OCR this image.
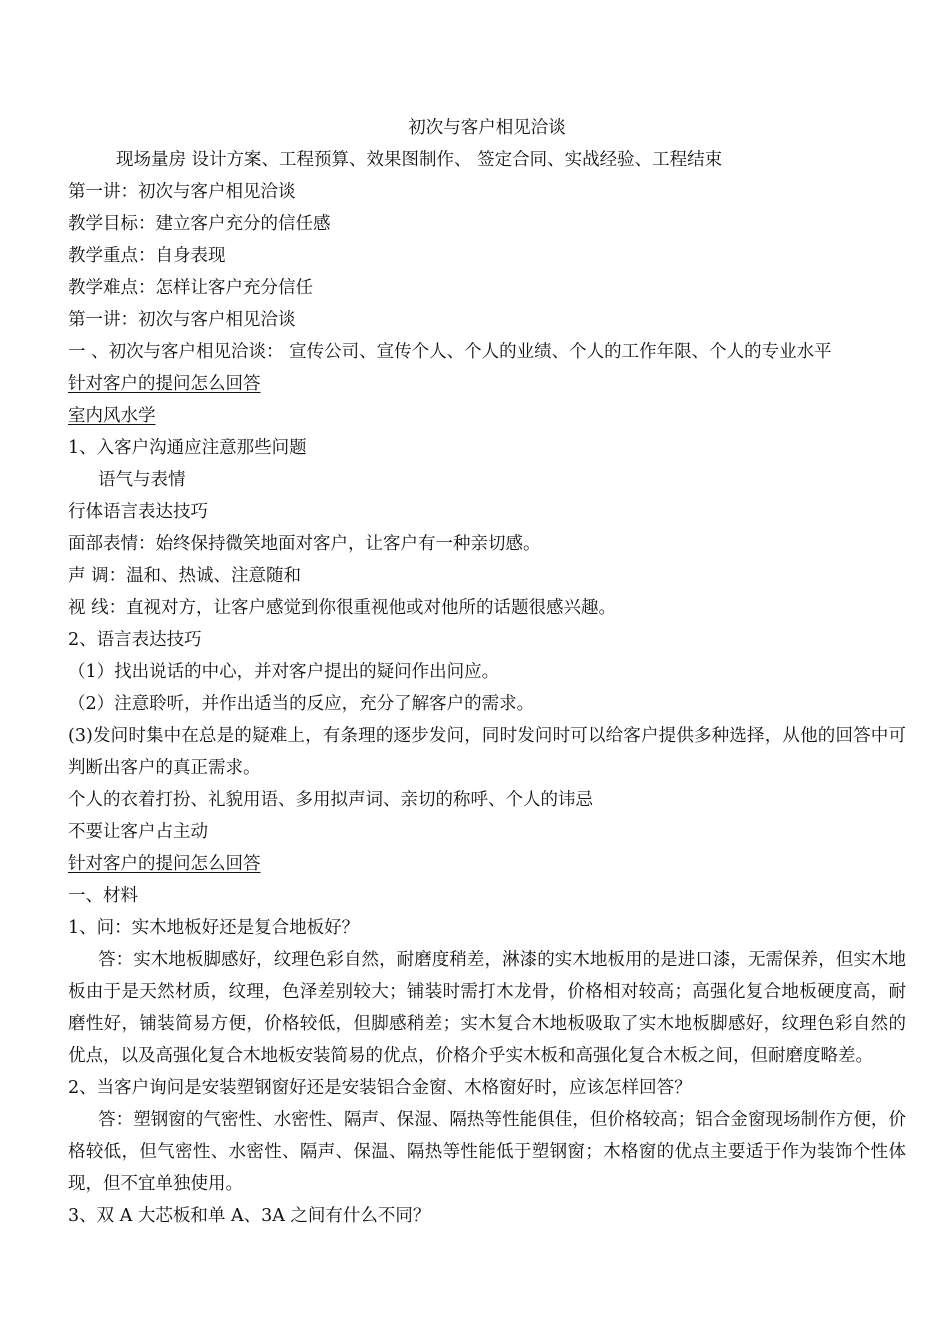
初次与客户相见洽谈
现场量房 设计方案、工程预算、效果图制作、 签定合同、实战经验、工程结束
第一讲：初次与客户相见洽谈
教学目标：建立客户充分的信任感
教学重点：自身表现
教学难点：怎样让客户充分信任
第一讲：初次与客户相见洽谈
一 、初次与客户相见洽谈： 宣传公司、宣传个人、个人的业绩、个人的工作年限、个人的专业水平
针对客户的提问怎么回答
室内风水学
1、入客户沟通应注意那些问题
语气与表情
行体语言表达技巧
面部表情：始终保持微笑地面对客户，让客户有一种亲切感。
声 调：温和、热诚、注意随和
视 线：直视对方，让客户感觉到你很重视他或对他所的话题很感兴趣。
2、语言表达技巧
（1）找出说话的中心，并对客户提出的疑问作出问应。
（2）注意聆听，并作出适当的反应，充分了解客户的需求。
(3)发问时集中在总是的疑难上，有条理的逐步发问，同时发问时可以给客户提供多种选择，从他的回答中可判断出客户的真正需求。
个人的衣着打扮、礼貌用语、多用拟声词、亲切的称呼、个人的讳忌
不要让客户占主动
针对客户的提问怎么回答
一、材料
1、问：实木地板好还是复合地板好？
答：实木地板脚感好，纹理色彩自然，耐磨度稍差，淋漆的实木地板用的是进口漆，无需保养，但实木地板由于是天然材质，纹理，色泽差别较大；铺装时需打木龙骨，价格相对较高；高强化复合地板硬度高，耐磨性好，铺装简易方便，价格较低，但脚感稍差；实木复合木地板吸取了实木地板脚感好，纹理色彩自然的优点，以及高强化复合木地板安装简易的优点，价格介乎实木板和高强化复合木板之间，但耐磨度略差。
2、当客户询问是安装塑钢窗好还是安装铝合金窗、木格窗好时，应该怎样回答？
答：塑钢窗的气密性、水密性、隔声、保湿、隔热等性能俱佳，但价格较高；铝合金窗现场制作方便，价格较低，但气密性、水密性、隔声、保温、隔热等性能低于塑钢窗；木格窗的优点主要适于作为装饰个性体现，但不宜单独使用。
3、双 A 大芯板和单 A、3A 之间有什么不同？
